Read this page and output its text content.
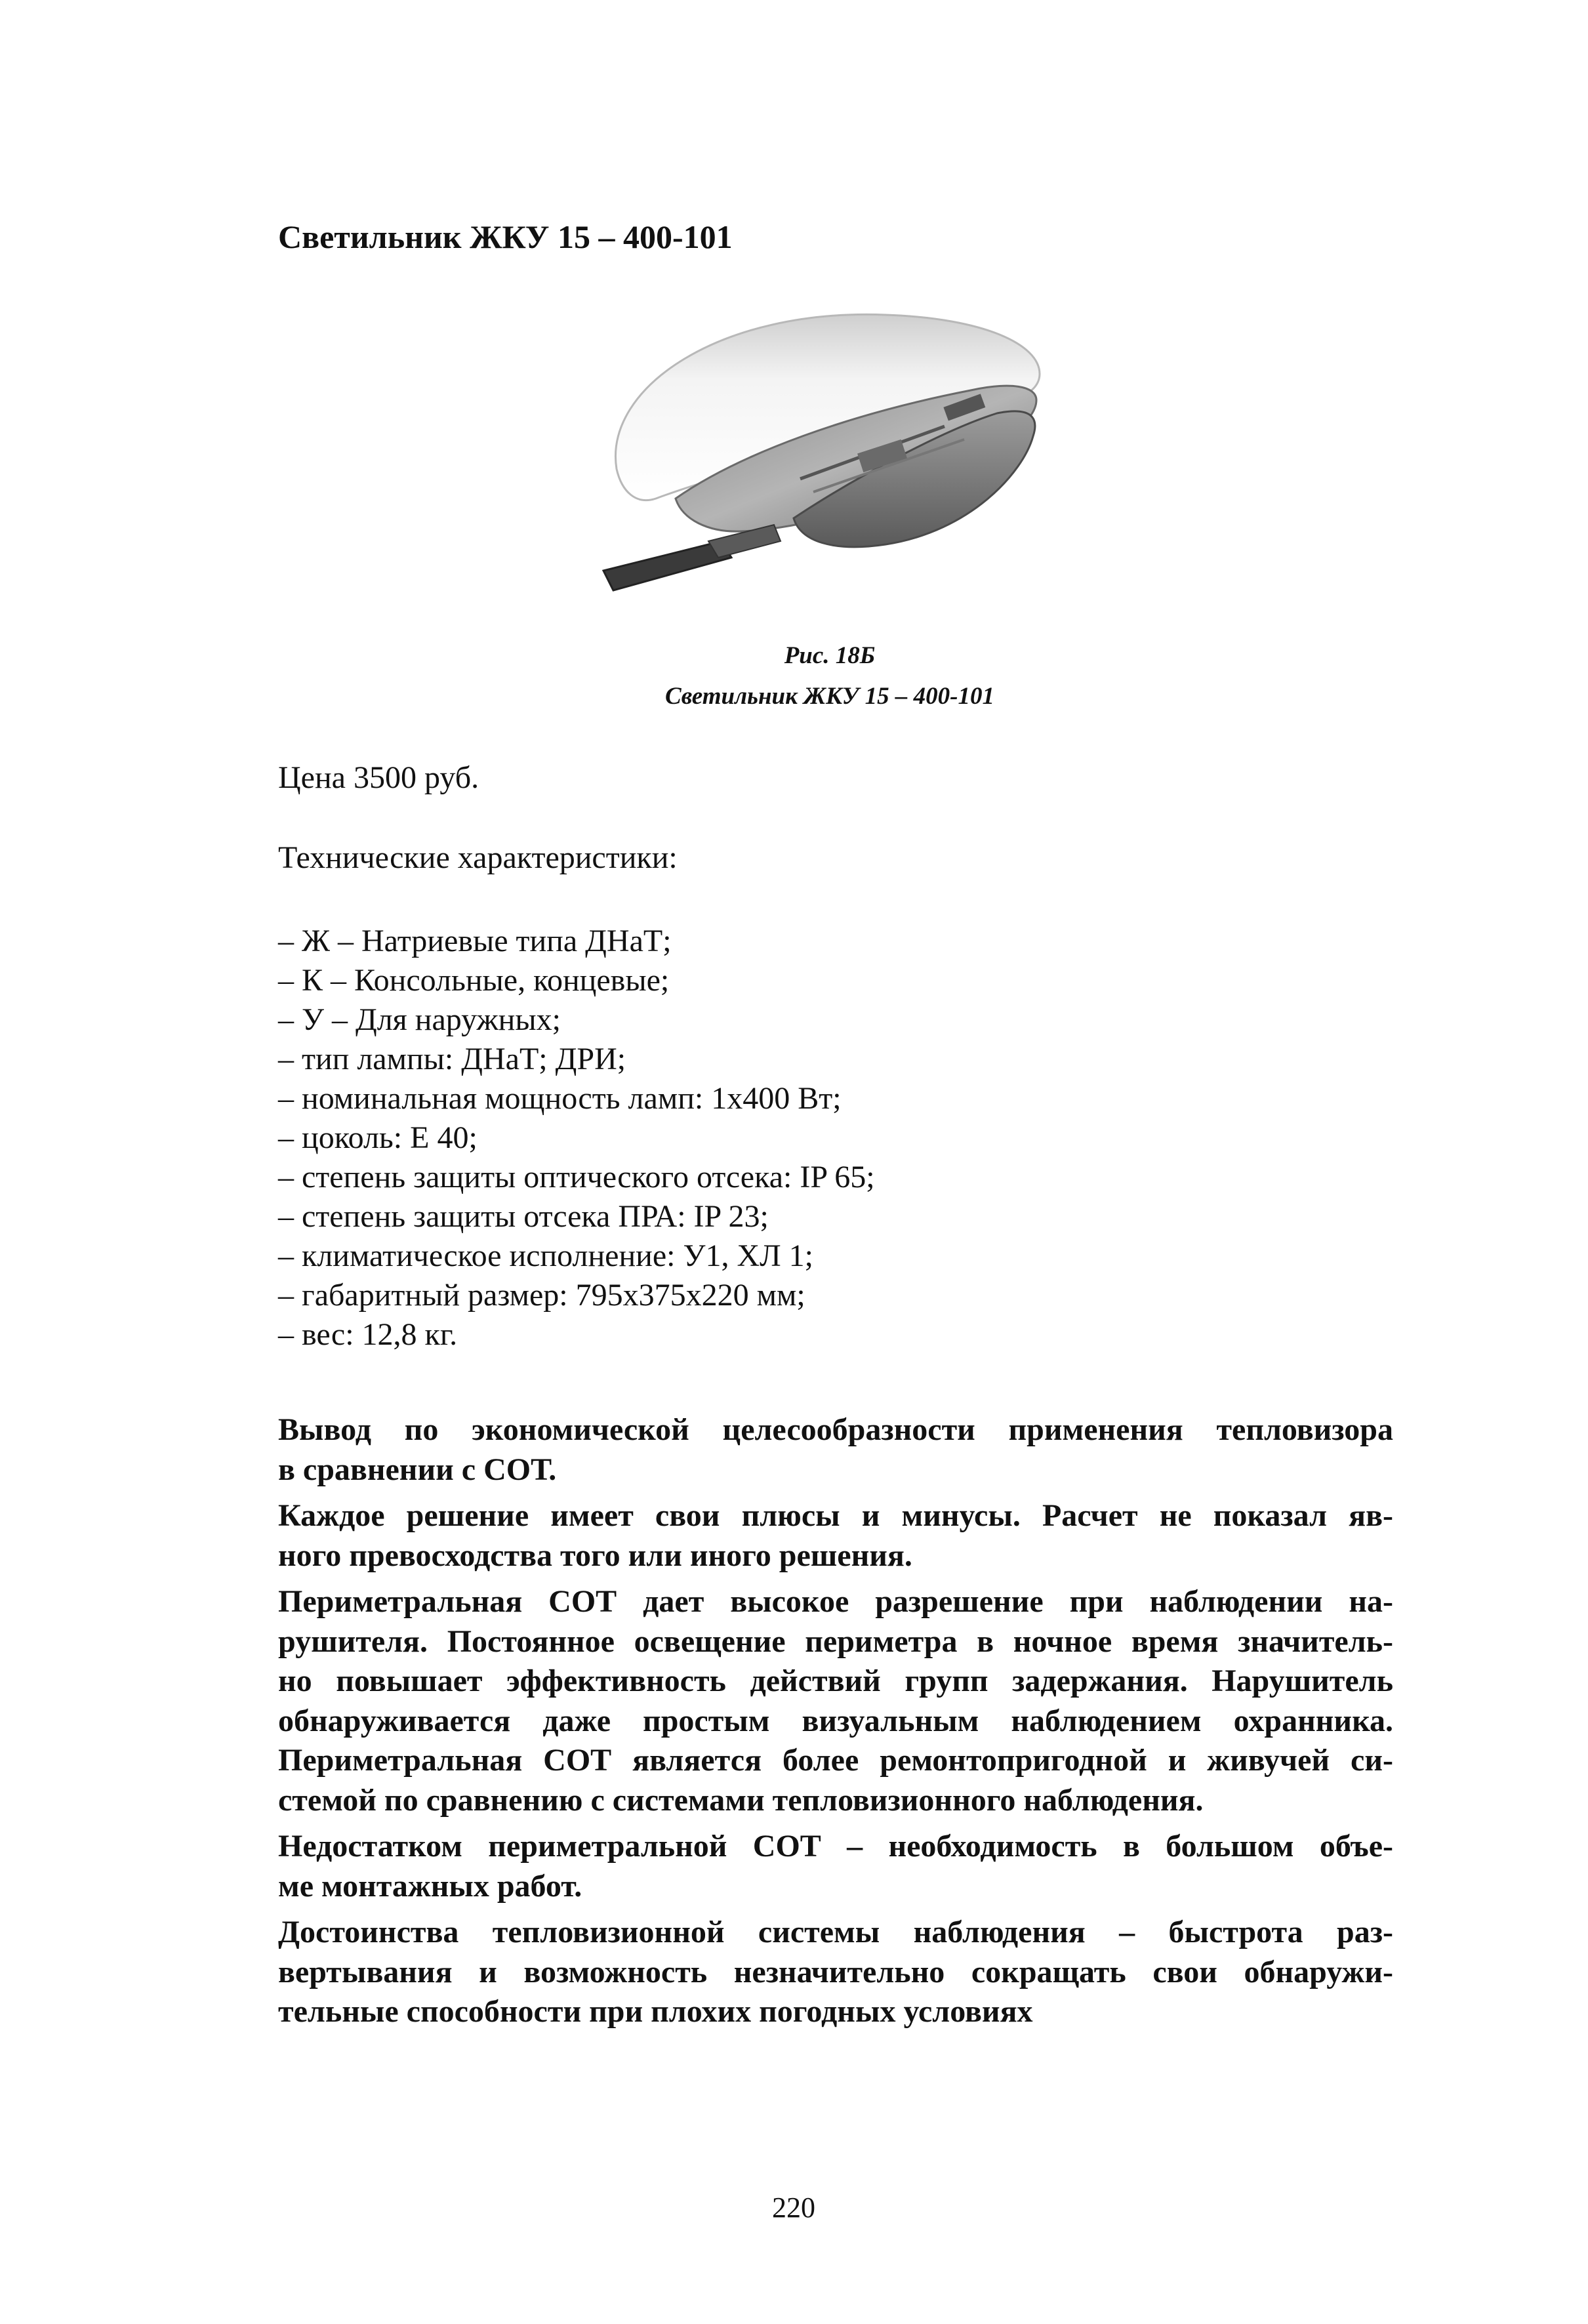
Светильник ЖКУ 15 – 400-101
Рис. 18Б
Светильник ЖКУ 15 – 400-101
Цена 3500 руб.
Технические характеристики:
– Ж – Натриевые типа ДНаТ;
– К – Консольные, концевые;
– У – Для наружных;
– тип лампы: ДНаТ; ДРИ;
– номинальная мощность ламп: 1х400 Вт;
– цоколь: Е 40;
– степень защиты оптического отсека: IP 65;
– степень защиты отсека ПРА: IP 23;
– климатическое исполнение: У1, ХЛ 1;
– габаритный размер: 795х375х220 мм;
– вес: 12,8 кг.

Вывод по экономической целесообразности применения тепловизора
в сравнении с СОТ.

Каждое решение имеет свои плюсы и минусы. Расчет не показал яв-
ного превосходства того или иного решения.

Периметральная СОТ дает высокое разрешение при наблюдении на-
рушителя. Постоянное освещение периметра в ночное время значитель-
но повышает эффективность действий групп задержания. Нарушитель
обнаруживается даже простым визуальным наблюдением охранника.
Периметральная СОТ является более ремонтопригодной и живучей си-
стемой по сравнению с системами тепловизионного наблюдения.

Недостатком периметральной СОТ – необходимость в большом объе-
ме монтажных работ.

Достоинства тепловизионной системы наблюдения – быстрота раз-
вертывания и возможность незначительно сокращать свои обнаружи-
тельные способности при плохих погодных условиях

220
